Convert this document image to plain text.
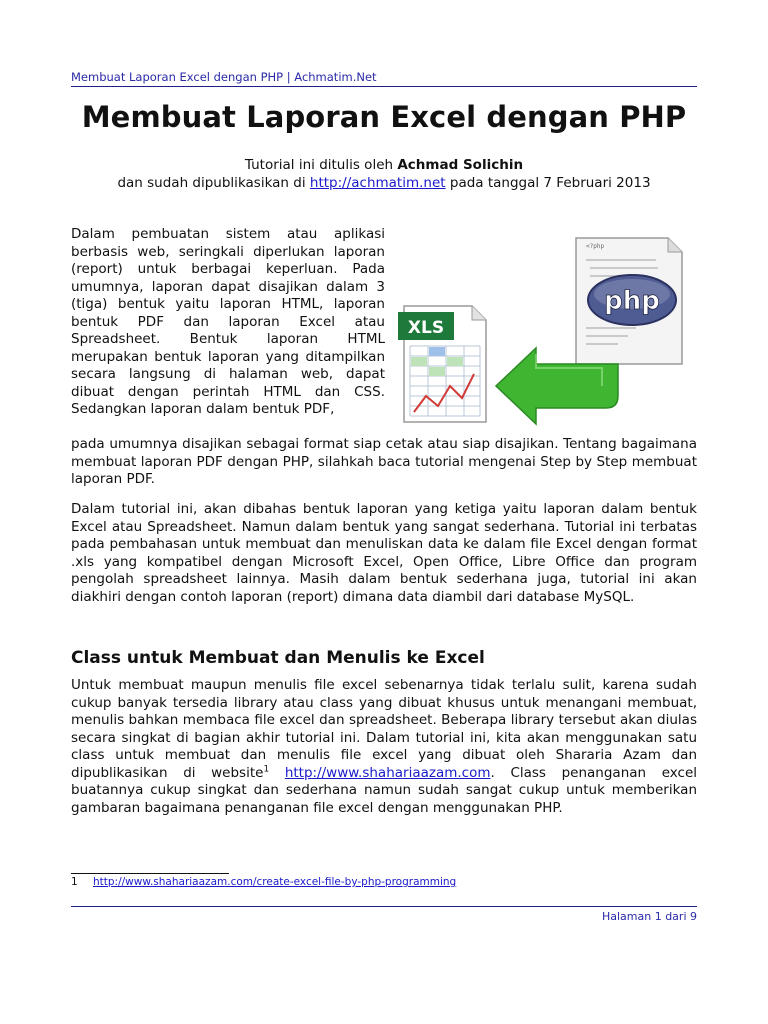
Membuat Laporan Excel dengan PHP | Achmatim.Net
Membuat Laporan Excel dengan PHP
Tutorial ini ditulis oleh Achmad Solichin
dan sudah dipublikasikan di http://achmatim.net pada tanggal 7 Februari 2013

Dalam pembuatan sistem atau aplikasi berbasis web, seringkali diperlukan laporan (report) untuk berbagai keperluan. Pada umumnya, laporan dapat disajikan dalam 3 (tiga) bentuk yaitu laporan HTML, laporan bentuk PDF dan laporan Excel atau Spreadsheet. Bentuk laporan HTML merupakan bentuk laporan yang ditampilkan secara langsung di halaman web, dapat dibuat dengan perintah HTML dan CSS. Sedangkan laporan dalam bentuk PDF,

<?php
php
XLS

pada umumnya disajikan sebagai format siap cetak atau siap disajikan. Tentang bagaimana membuat laporan PDF dengan PHP, silahkah baca tutorial mengenai Step by Step membuat laporan PDF.

Dalam tutorial ini, akan dibahas bentuk laporan yang ketiga yaitu laporan dalam bentuk Excel atau Spreadsheet. Namun dalam bentuk yang sangat sederhana. Tutorial ini terbatas pada pembahasan untuk membuat dan menuliskan data ke dalam file Excel dengan format .xls yang kompatibel dengan Microsoft Excel, Open Office, Libre Office dan program pengolah spreadsheet lainnya. Masih dalam bentuk sederhana juga, tutorial ini akan diakhiri dengan contoh laporan (report) dimana data diambil dari database MySQL.

Class untuk Membuat dan Menulis ke Excel

Untuk membuat maupun menulis file excel sebenarnya tidak terlalu sulit, karena sudah cukup banyak tersedia library atau class yang dibuat khusus untuk menangani membuat, menulis bahkan membaca file excel dan spreadsheet. Beberapa library tersebut akan diulas secara singkat di bagian akhir tutorial ini. Dalam tutorial ini, kita akan menggunakan satu class untuk membuat dan menulis file excel yang dibuat oleh Shararia Azam dan dipublikasikan di website$^1$ http://www.shahariaazam.com. Class penanganan excel buatannya cukup singkat dan sederhana namun sudah sangat cukup untuk memberikan gambaran bagaimana penanganan file excel dengan menggunakan PHP.

1 http://www.shahariaazam.com/create-excel-file-by-php-programming
Halaman 1 dari 9
